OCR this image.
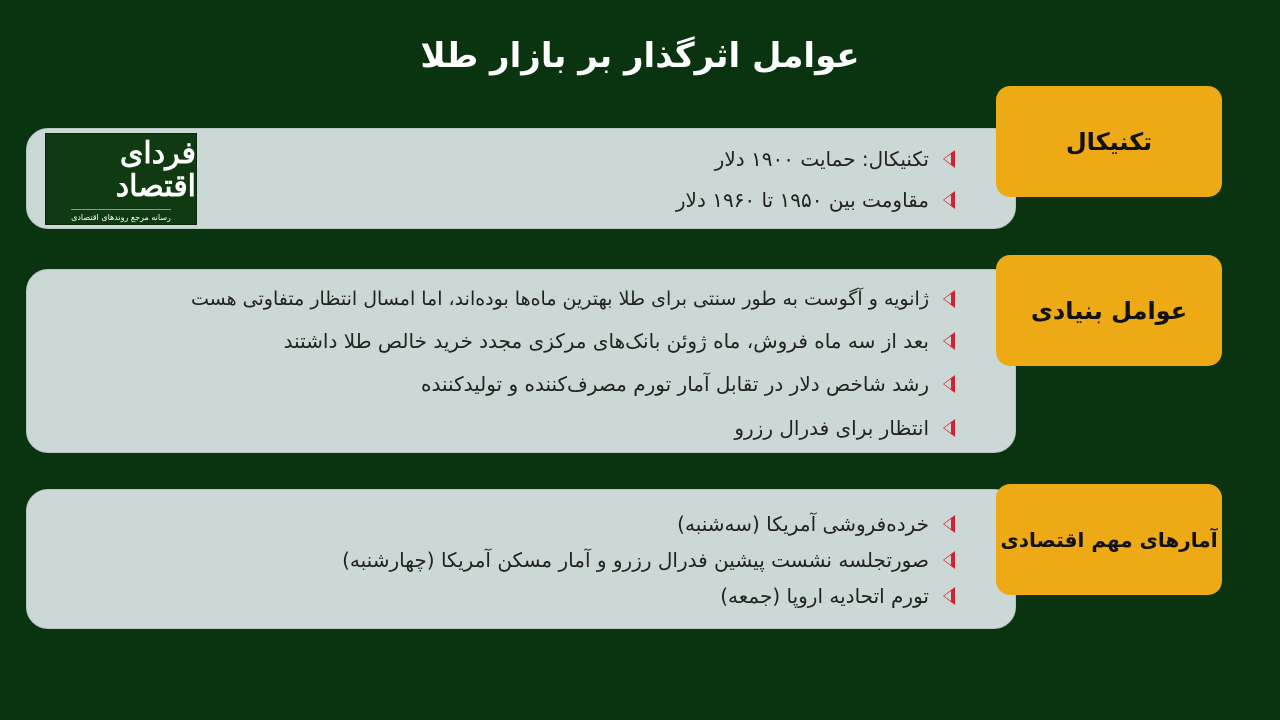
عوامل اثرگذار بر بازار طلا
فردای اقتصاد
رسانه مرجع روندهای اقتصادی
تکنیکال: حمایت ۱۹۰۰ دلار
مقاومت بین ۱۹۵۰ تا ۱۹۶۰ دلار
تکنیکال
ژانویه و آگوست به طور سنتی برای طلا بهترین ماه‌ها بوده‌اند، اما امسال انتظار متفاوتی هست
بعد از سه ماه فروش، ماه ژوئن بانک‌های مرکزی مجدد خرید خالص طلا داشتند
رشد شاخص دلار در تقابل آمار تورم مصرف‌کننده و تولیدکننده
انتظار برای فدرال رزرو
عوامل بنیادی
خرده‌فروشی آمریکا (سه‌شنبه)
صورتجلسه نشست پیشین فدرال رزرو و آمار مسکن آمریکا (چهارشنبه)
تورم اتحادیه اروپا (جمعه)
آمارهای مهم اقتصادی
